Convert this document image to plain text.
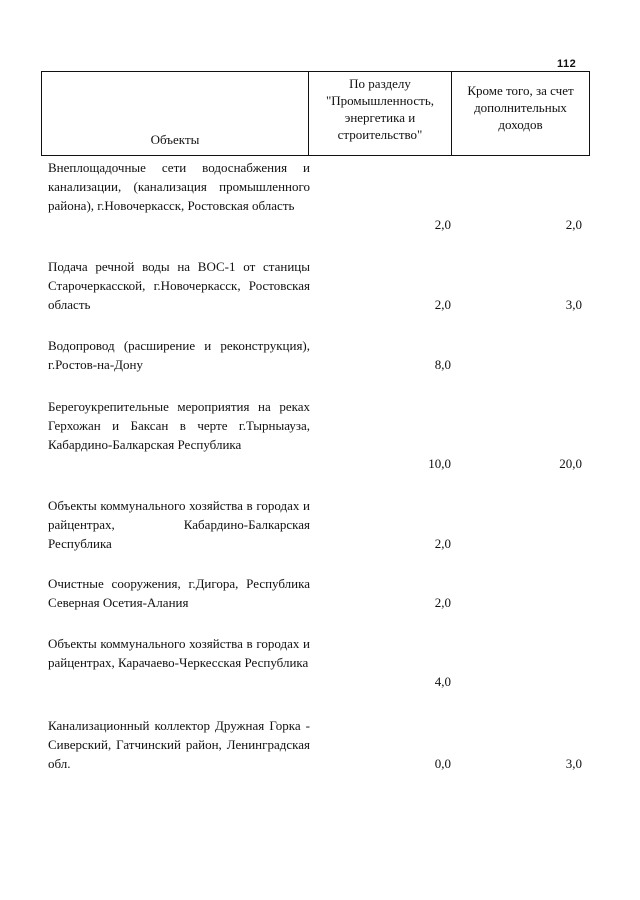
112
Объекты
По разделу "Промышленность, энергетика и строительство"
Кроме того, за счет дополнительных доходов
Внеплощадочные сети водоснабжения и канализации, (канализация промышленного района), г.Новочеркасск, Ростовская область
2,0	2,0
Подача речной воды на ВОС-1 от станицы Старочеркасской, г.Новочеркасск, Ростовская область	2,0	3,0
Водопровод (расширение и реконструкция), г.Ростов-на-Дону	8,0
Берегоукрепительные мероприятия на реках Герхожан и Баксан в черте г.Тырныауза, Кабардино-Балкарская Республика
10,0	20,0
Объекты коммунального хозяйства в городах и райцентрах, Кабардино-Балкарская Республика	2,0
Очистные сооружения, г.Дигора, Республика Северная Осетия-Алания	2,0
Объекты коммунального хозяйства в городах и райцентрах, Карачаево-Черкесская Республика
4,0
Канализационный коллектор Дружная Горка - Сиверский, Гатчинский район, Ленинградская обл.	0,0	3,0
